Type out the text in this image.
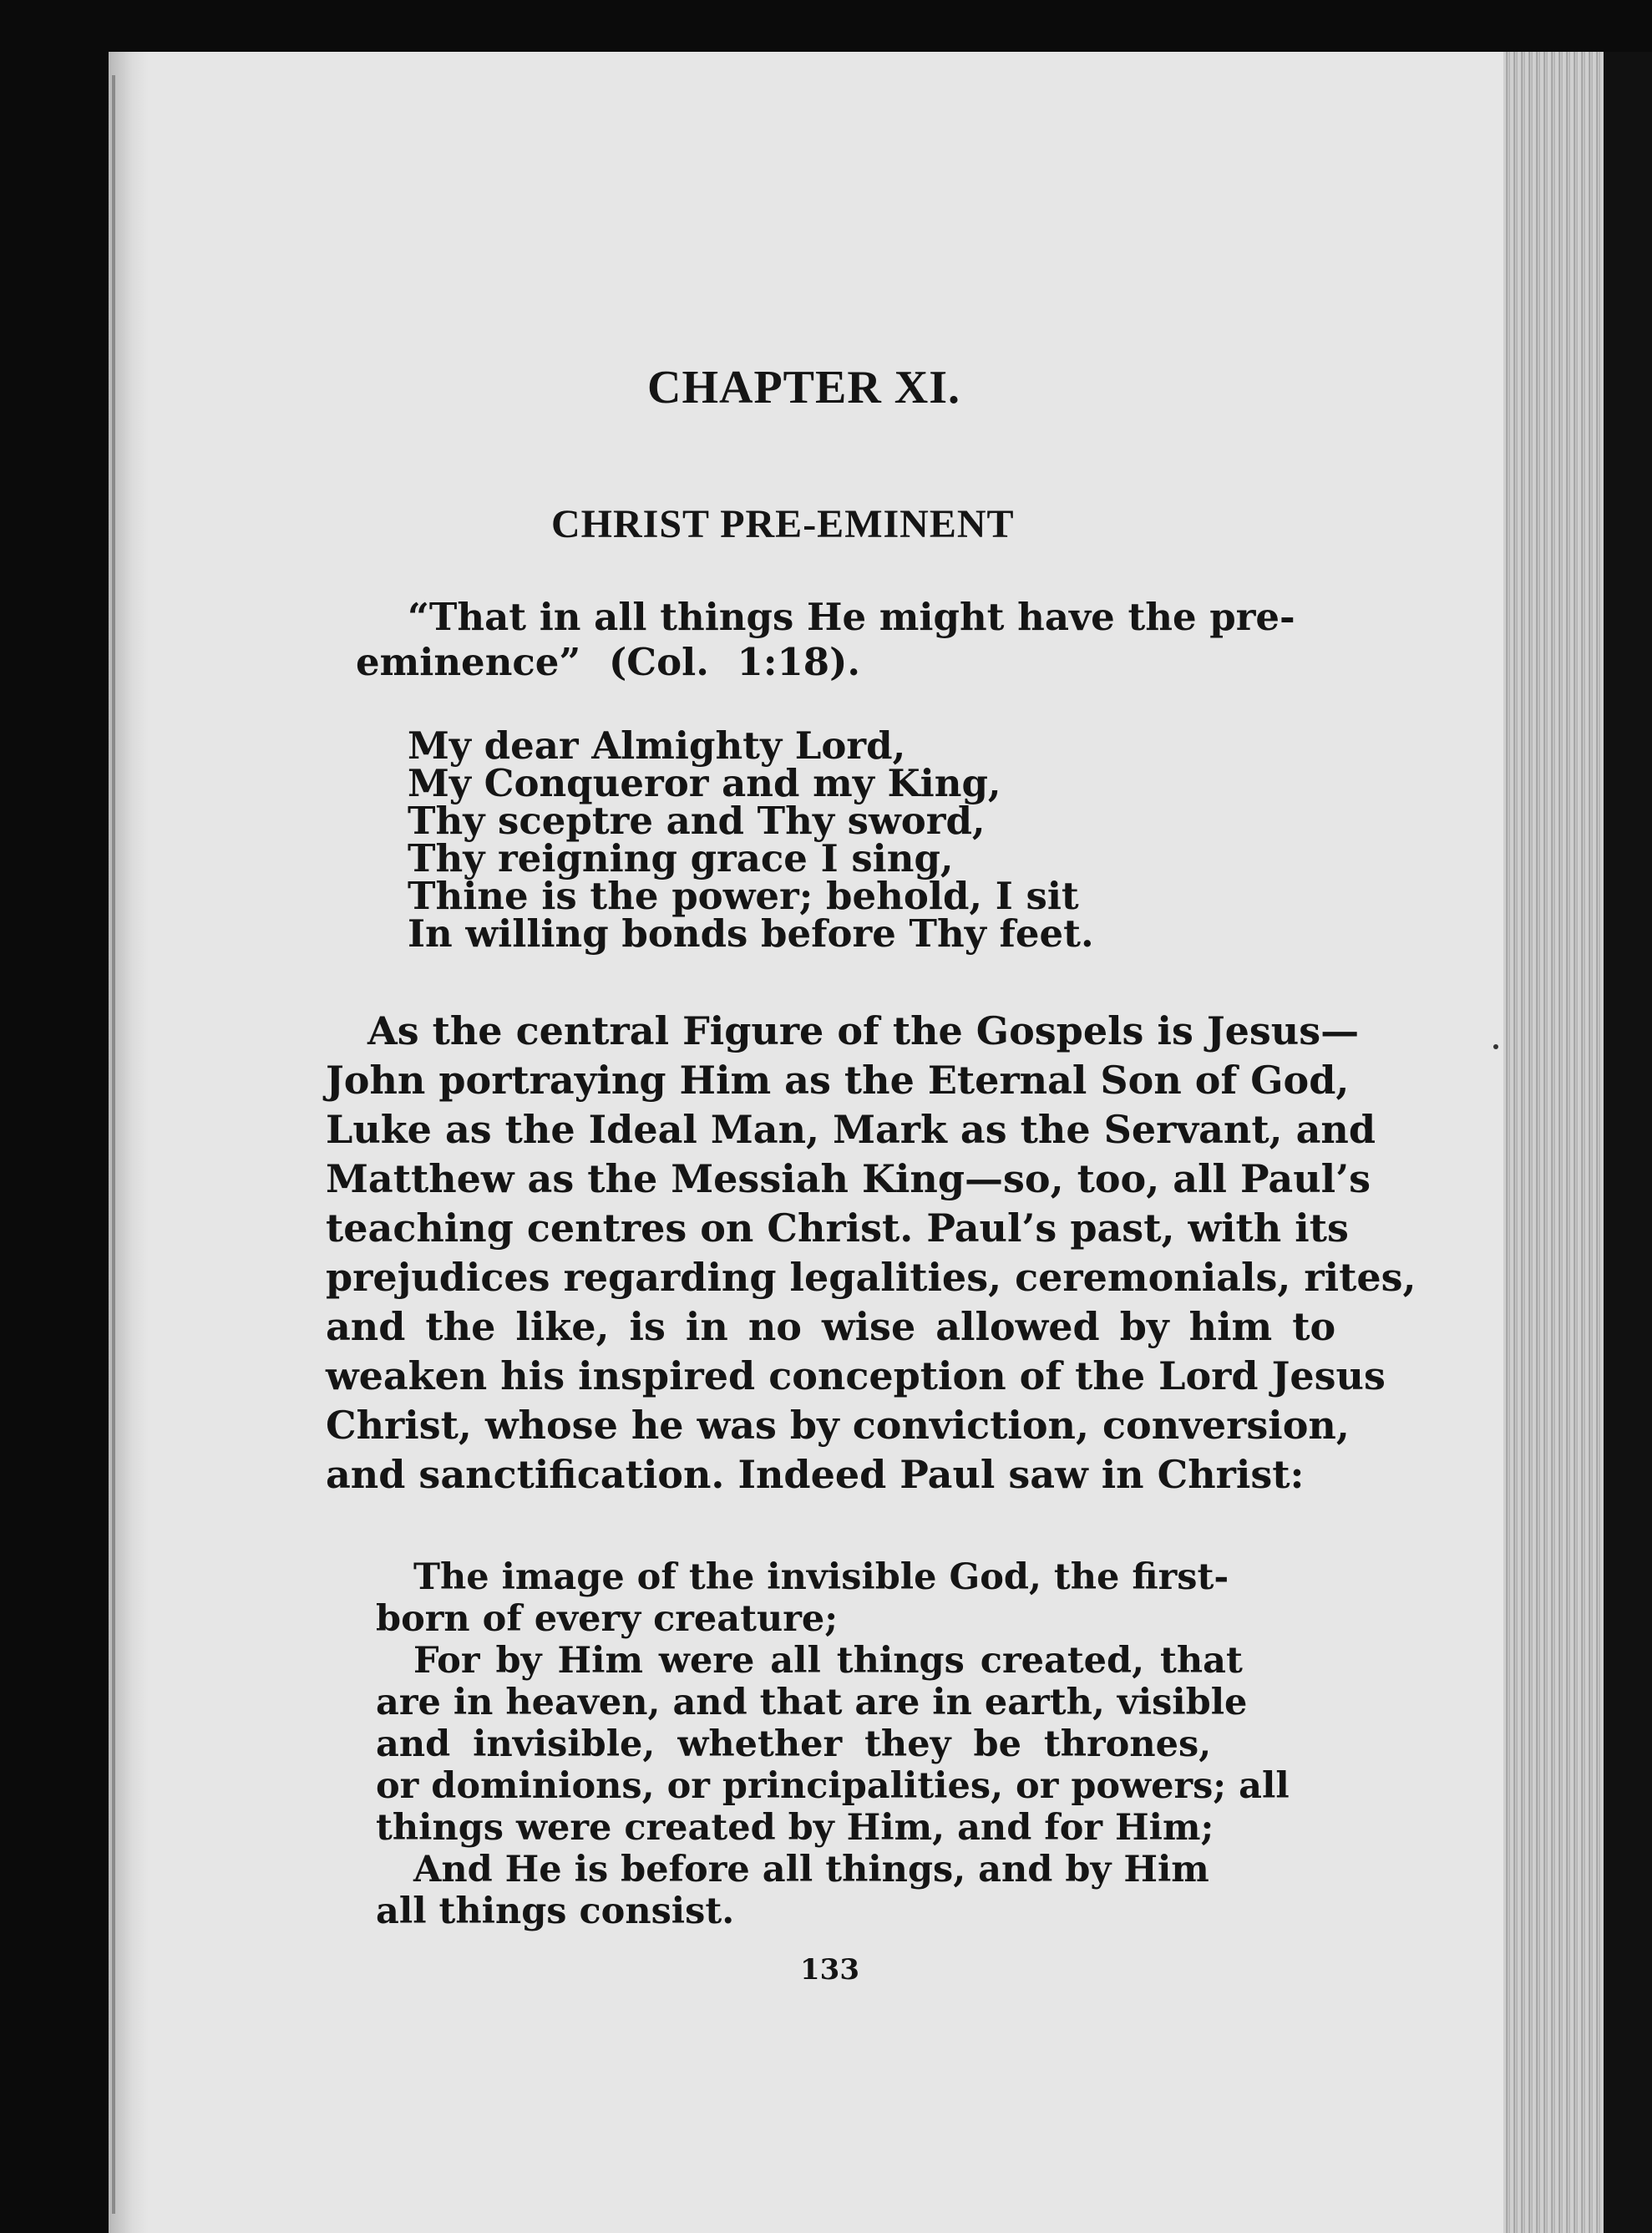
CHAPTER XI.
CHRIST PRE-EMINENT
“That in all things He might have the pre-
eminence” (Col. 1:18).
My dear Almighty Lord,
My Conqueror and my King,
Thy sceptre and Thy sword,
Thy reigning grace I sing,
Thine is the power; behold, I sit
In willing bonds before Thy feet.
As the central Figure of the Gospels is Jesus—
John portraying Him as the Eternal Son of God,
Luke as the Ideal Man, Mark as the Servant, and
Matthew as the Messiah King—so, too, all Paul’s
teaching centres on Christ. Paul’s past, with its
prejudices regarding legalities, ceremonials, rites,
and the like, is in no wise allowed by him to
weaken his inspired conception of the Lord Jesus
Christ, whose he was by conviction, conversion,
and sanctification. Indeed Paul saw in Christ:
The image of the invisible God, the first-
born of every creature;
For by Him were all things created, that
are in heaven, and that are in earth, visible
and invisible, whether they be thrones,
or dominions, or principalities, or powers; all
things were created by Him, and for Him;
And He is before all things, and by Him
all things consist.
133
